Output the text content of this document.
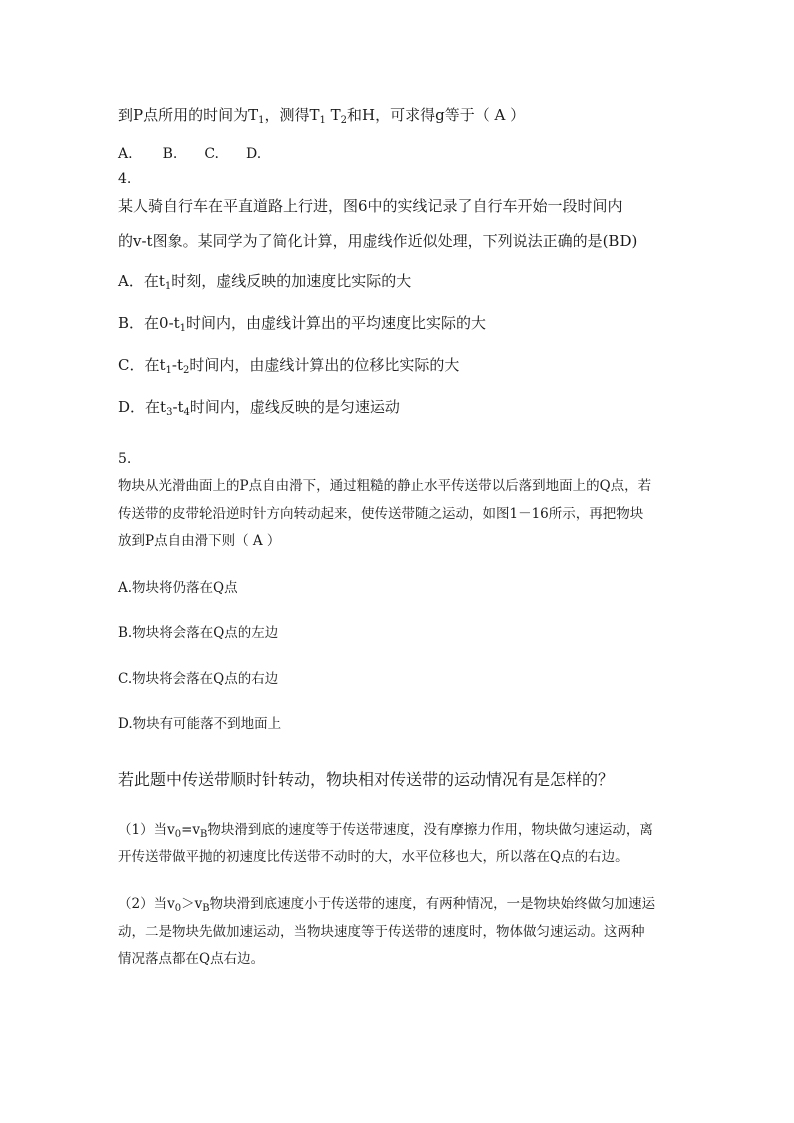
到P点所用的时间为$T_1$，测得$T_1$ $T_2$和H，可求得g等于（ A ）
A. B. C. D.
4.
某人骑自行车在平直道路上行进，图6中的实线记录了自行车开始一段时间内
的v-t图象。某同学为了简化计算，用虚线作近似处理，下列说法正确的是(BD)
A．在$t_1$时刻，虚线反映的加速度比实际的大
B．在$0-t_1$时间内，由虚线计算出的平均速度比实际的大
C．在$t_1-t_2$时间内，由虚线计算出的位移比实际的大
D．在$t_3-t_4$时间内，虚线反映的是匀速运动
5.
物块从光滑曲面上的P点自由滑下，通过粗糙的静止水平传送带以后落到地面上的Q点，若
传送带的皮带轮沿逆时针方向转动起来，使传送带随之运动，如图1－16所示，再把物块
放到P点自由滑下则（ A ）
A.物块将仍落在Q点
B.物块将会落在Q点的左边
C.物块将会落在Q点的右边
D.物块有可能落不到地面上
若此题中传送带顺时针转动，物块相对传送带的运动情况有是怎样的？
（1）当$v_0=v_B$物块滑到底的速度等于传送带速度，没有摩擦力作用，物块做匀速运动，离
开传送带做平抛的初速度比传送带不动时的大，水平位移也大，所以落在Q点的右边。
（2）当$v_0>v_B$物块滑到底速度小于传送带的速度，有两种情况，一是物块始终做匀加速运
动，二是物块先做加速运动，当物块速度等于传送带的速度时，物体做匀速运动。这两种
情况落点都在Q点右边。
